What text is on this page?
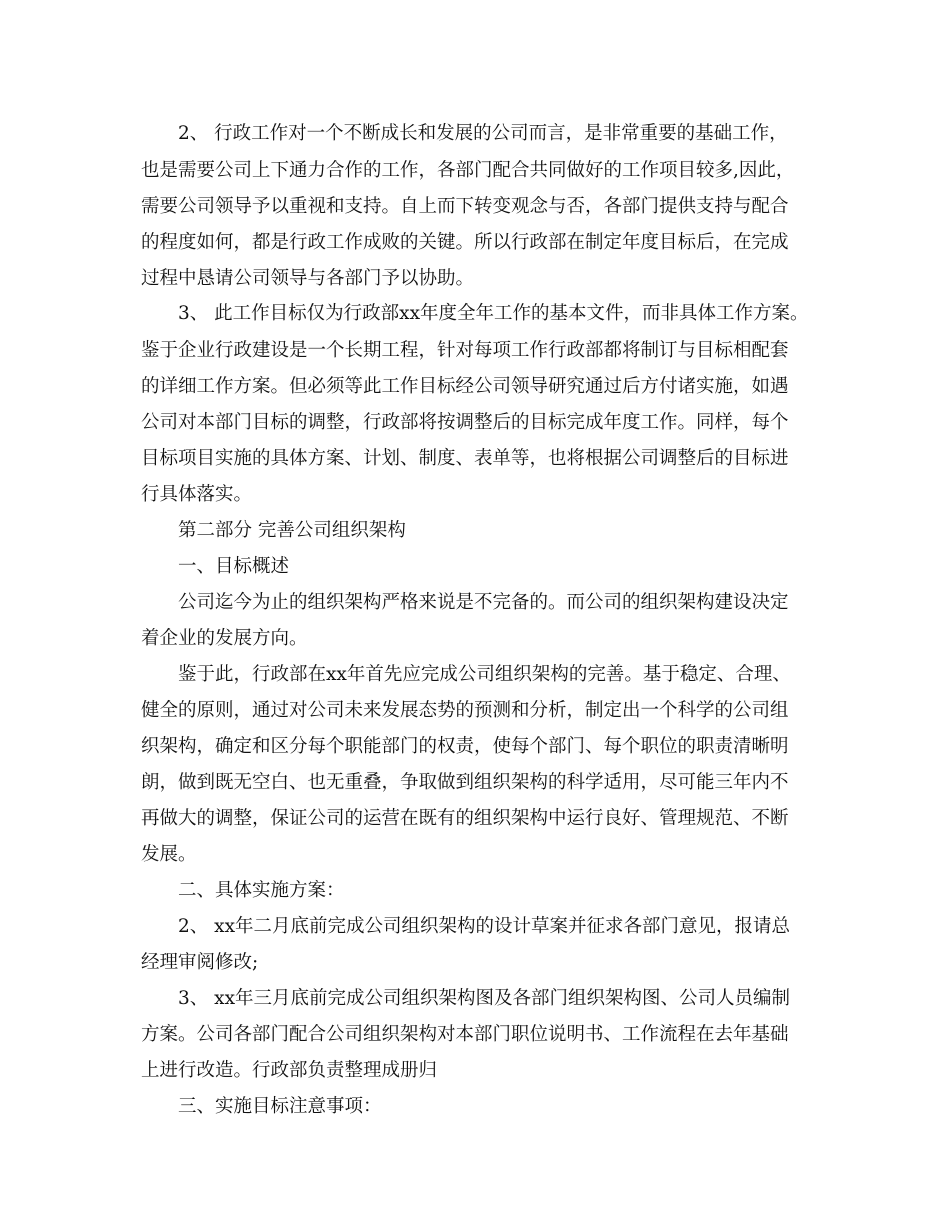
2、 行政工作对一个不断成长和发展的公司而言，是非常重要的基础工作，
也是需要公司上下通力合作的工作，各部门配合共同做好的工作项目较多,因此，
需要公司领导予以重视和支持。自上而下转变观念与否，各部门提供支持与配合
的程度如何，都是行政工作成败的关键。所以行政部在制定年度目标后，在完成
过程中恳请公司领导与各部门予以协助。
3、 此工作目标仅为行政部xx年度全年工作的基本文件，而非具体工作方案。
鉴于企业行政建设是一个长期工程，针对每项工作行政部都将制订与目标相配套
的详细工作方案。但必须等此工作目标经公司领导研究通过后方付诸实施，如遇
公司对本部门目标的调整，行政部将按调整后的目标完成年度工作。同样，每个
目标项目实施的具体方案、计划、制度、表单等，也将根据公司调整后的目标进
行具体落实。
第二部分 完善公司组织架构
一、目标概述
公司迄今为止的组织架构严格来说是不完备的。而公司的组织架构建设决定
着企业的发展方向。
鉴于此，行政部在xx年首先应完成公司组织架构的完善。基于稳定、合理、
健全的原则，通过对公司未来发展态势的预测和分析，制定出一个科学的公司组
织架构，确定和区分每个职能部门的权责，使每个部门、每个职位的职责清晰明
朗，做到既无空白、也无重叠，争取做到组织架构的科学适用，尽可能三年内不
再做大的调整，保证公司的运营在既有的组织架构中运行良好、管理规范、不断
发展。
二、具体实施方案：
2、 xx年二月底前完成公司组织架构的设计草案并征求各部门意见，报请总
经理审阅修改;
3、 xx年三月底前完成公司组织架构图及各部门组织架构图、公司人员编制
方案。公司各部门配合公司组织架构对本部门职位说明书、工作流程在去年基础
上进行改造。行政部负责整理成册归
三、实施目标注意事项：
